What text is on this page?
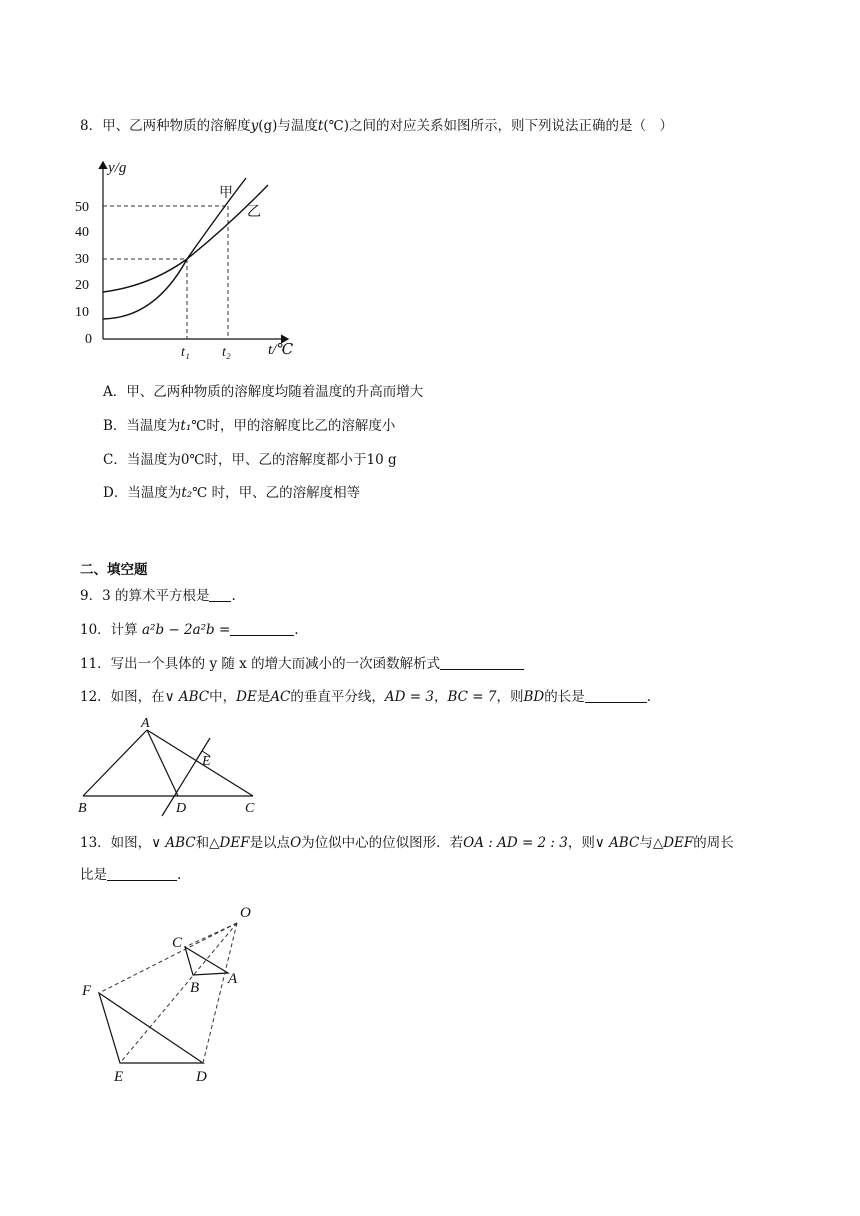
8．甲、乙两种物质的溶解度y(g)与温度t(℃)之间的对应关系如图所示，则下列说法正确的是（　）
y/g
50
40
30
20
10
0
甲
乙
t₁ t₂ t/℃
A．甲、乙两种物质的溶解度均随着温度的升高而增大
B．当温度为t₁℃时，甲的溶解度比乙的溶解度小
C．当温度为0℃时，甲、乙的溶解度都小于10 g
D．当温度为t₂℃ 时，甲、乙的溶解度相等
二、填空题
9．3 的算术平方根是 .
10．计算 a²b − 2a²b =	.
11．写出一个具体的 y 随 x 的增大而减小的一次函数解析式
12．如图，在∨ ABC中，DE是AC的垂直平分线，AD = 3，BC = 7，则BD的长是	.
A
B	D	C
E
13．如图，∨ ABC和△DEF是以点O为位似中心的位似图形．若OA : AD = 2 : 3，则∨ ABC与△DEF的周长
比是	.
O
C
B
A
F
E	D
